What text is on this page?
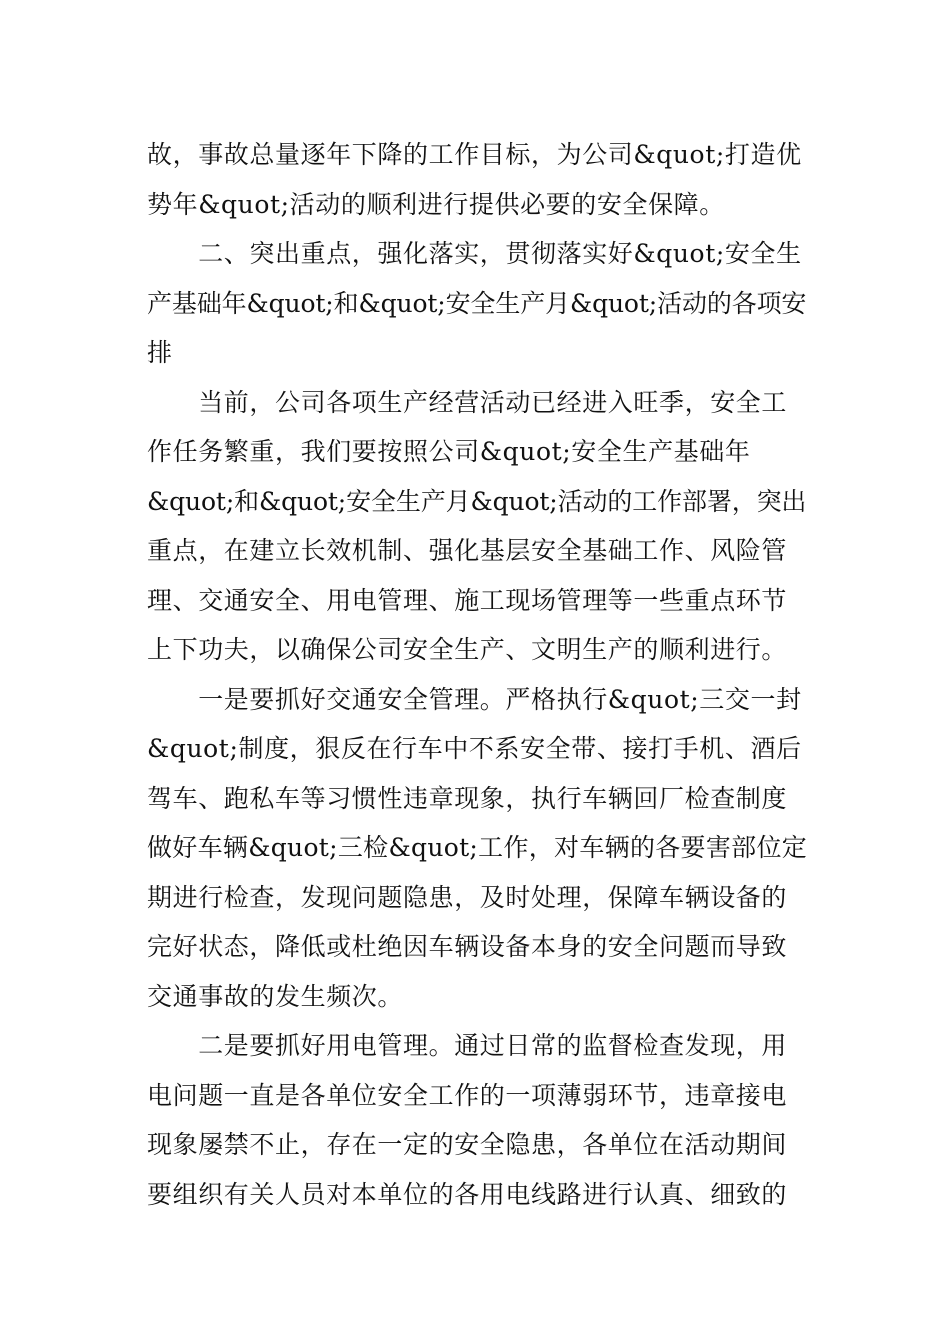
故，事故总量逐年下降的工作目标，为公司&quot;打造优
势年&quot;活动的顺利进行提供必要的安全保障。
　　二、突出重点，强化落实，贯彻落实好&quot;安全生
产基础年&quot;和&quot;安全生产月&quot;活动的各项安
排
　　当前，公司各项生产经营活动已经进入旺季，安全工
作任务繁重，我们要按照公司&quot;安全生产基础年
&quot;和&quot;安全生产月&quot;活动的工作部署，突出
重点，在建立长效机制、强化基层安全基础工作、风险管
理、交通安全、用电管理、施工现场管理等一些重点环节
上下功夫，以确保公司安全生产、文明生产的顺利进行。
　　一是要抓好交通安全管理。严格执行&quot;三交一封
&quot;制度，狠反在行车中不系安全带、接打手机、酒后
驾车、跑私车等习惯性违章现象，执行车辆回厂检查制度
做好车辆&quot;三检&quot;工作，对车辆的各要害部位定
期进行检查，发现问题隐患，及时处理，保障车辆设备的
完好状态，降低或杜绝因车辆设备本身的安全问题而导致
交通事故的发生频次。
　　二是要抓好用电管理。通过日常的监督检查发现，用
电问题一直是各单位安全工作的一项薄弱环节，违章接电
现象屡禁不止，存在一定的安全隐患，各单位在活动期间
要组织有关人员对本单位的各用电线路进行认真、细致的
